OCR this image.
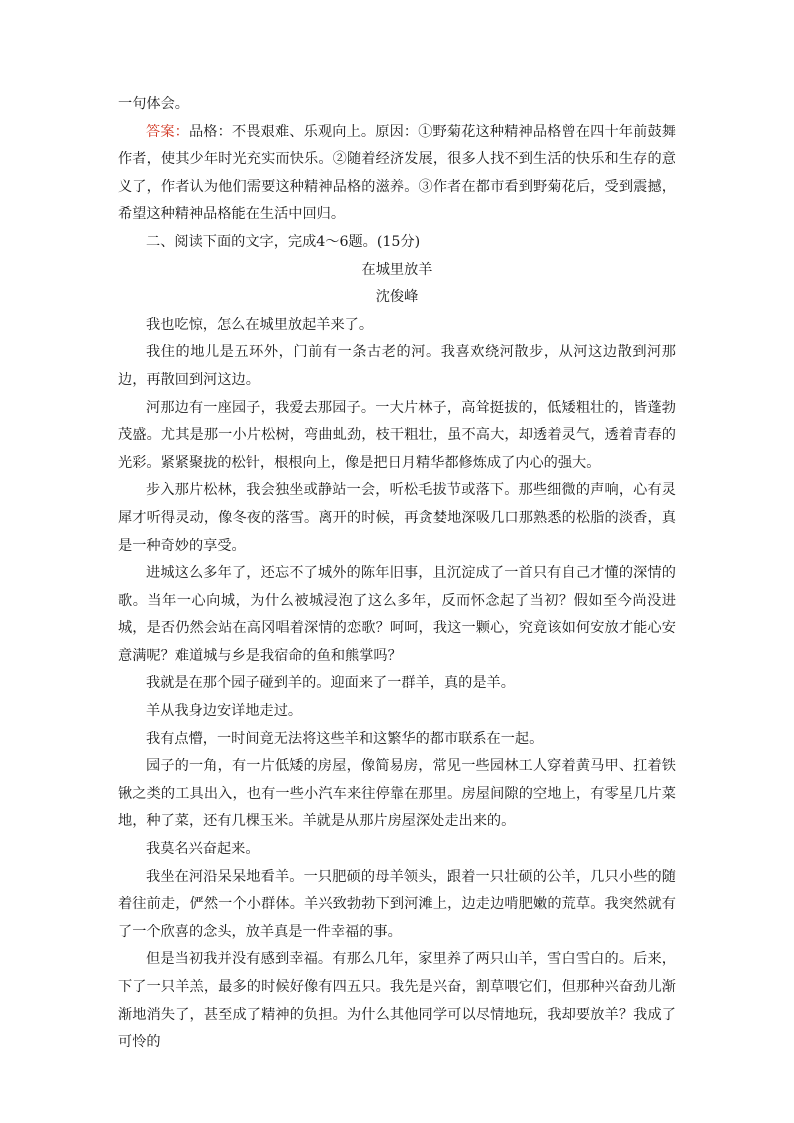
一句体会。

答案：品格：不畏艰难、乐观向上。原因：①野菊花这种精神品格曾在四十年前鼓舞作者，使其少年时光充实而快乐。②随着经济发展，很多人找不到生活的快乐和生存的意义了，作者认为他们需要这种精神品格的滋养。③作者在都市看到野菊花后，受到震撼，希望这种精神品格能在生活中回归。

二、阅读下面的文字，完成4～6题。(15分)

在城里放羊

沈俊峰

我也吃惊，怎么在城里放起羊来了。

我住的地儿是五环外，门前有一条古老的河。我喜欢绕河散步，从河这边散到河那边，再散回到河这边。

河那边有一座园子，我爱去那园子。一大片林子，高耸挺拔的，低矮粗壮的，皆蓬勃茂盛。尤其是那一小片松树，弯曲虬劲，枝干粗壮，虽不高大，却透着灵气，透着青春的光彩。紧紧聚拢的松针，根根向上，像是把日月精华都修炼成了内心的强大。

步入那片松林，我会独坐或静站一会，听松毛拔节或落下。那些细微的声响，心有灵犀才听得灵动，像冬夜的落雪。离开的时候，再贪婪地深吸几口那熟悉的松脂的淡香，真是一种奇妙的享受。

进城这么多年了，还忘不了城外的陈年旧事，且沉淀成了一首只有自己才懂的深情的歌。当年一心向城，为什么被城浸泡了这么多年，反而怀念起了当初？假如至今尚没进城，是否仍然会站在高冈唱着深情的恋歌？呵呵，我这一颗心，究竟该如何安放才能心安意满呢？难道城与乡是我宿命的鱼和熊掌吗？

我就是在那个园子碰到羊的。迎面来了一群羊，真的是羊。

羊从我身边安详地走过。

我有点懵，一时间竟无法将这些羊和这繁华的都市联系在一起。

园子的一角，有一片低矮的房屋，像简易房，常见一些园林工人穿着黄马甲、扛着铁锹之类的工具出入，也有一些小汽车来往停靠在那里。房屋间隙的空地上，有零星几片菜地，种了菜，还有几棵玉米。羊就是从那片房屋深处走出来的。

我莫名兴奋起来。

我坐在河沿呆呆地看羊。一只肥硕的母羊领头，跟着一只壮硕的公羊，几只小些的随着往前走，俨然一个小群体。羊兴致勃勃下到河滩上，边走边啃肥嫩的荒草。我突然就有了一个欣喜的念头，放羊真是一件幸福的事。

但是当初我并没有感到幸福。有那么几年，家里养了两只山羊，雪白雪白的。后来，下了一只羊羔，最多的时候好像有四五只。我先是兴奋，割草喂它们，但那种兴奋劲儿渐渐地消失了，甚至成了精神的负担。为什么其他同学可以尽情地玩，我却要放羊？我成了可怜的
